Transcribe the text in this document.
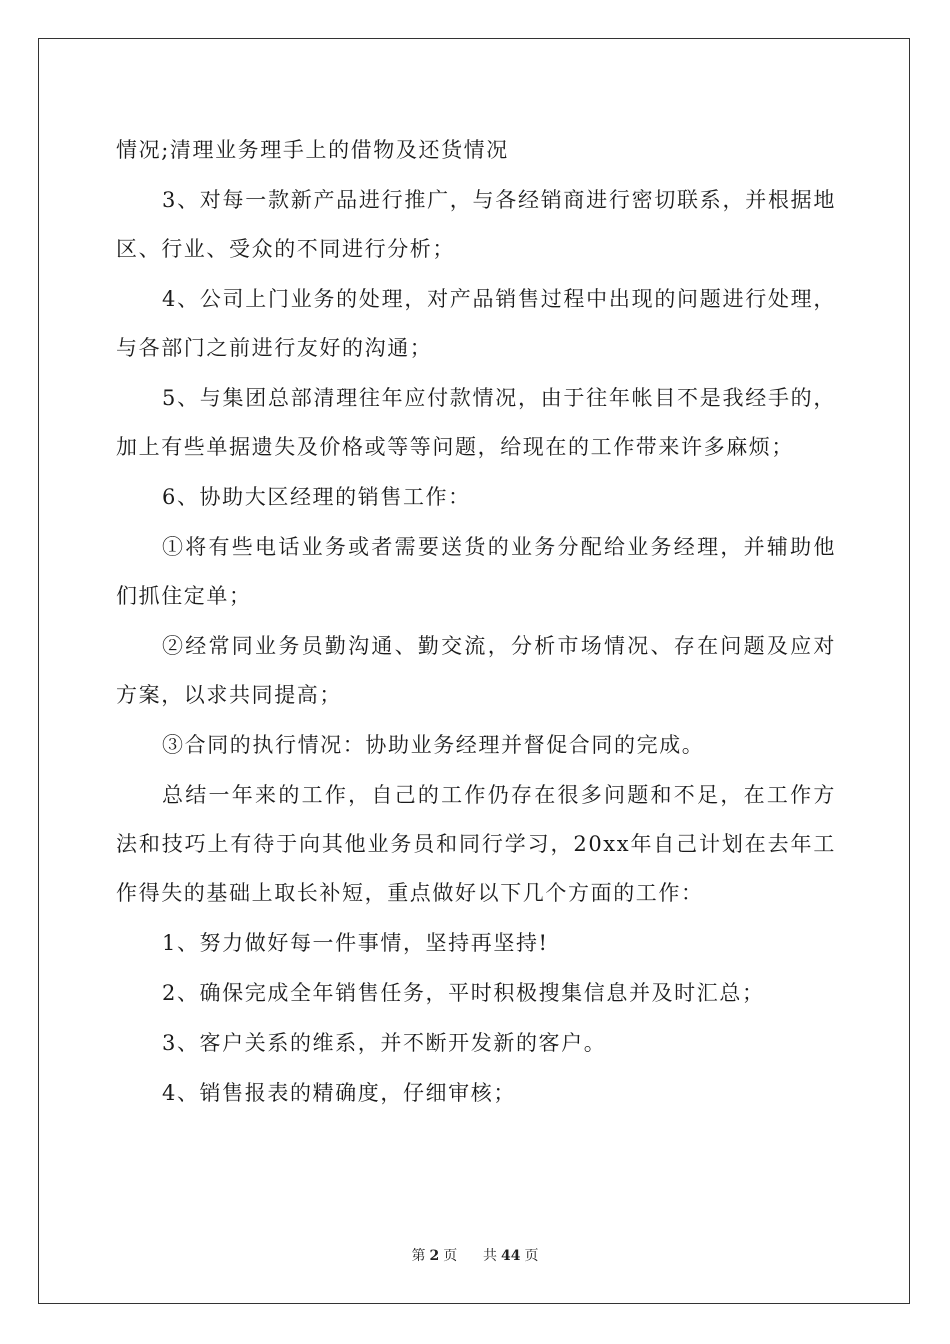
情况;清理业务理手上的借物及还货情况

3、对每一款新产品进行推广，与各经销商进行密切联系，并根据地区、行业、受众的不同进行分析；

4、公司上门业务的处理，对产品销售过程中出现的问题进行处理，与各部门之前进行友好的沟通；

5、与集团总部清理往年应付款情况，由于往年帐目不是我经手的，加上有些单据遗失及价格或等等问题，给现在的工作带来许多麻烦；

6、协助大区经理的销售工作：

①将有些电话业务或者需要送货的业务分配给业务经理，并辅助他们抓住定单；

②经常同业务员勤沟通、勤交流，分析市场情况、存在问题及应对方案，以求共同提高；

③合同的执行情况：协助业务经理并督促合同的完成。

总结一年来的工作，自己的工作仍存在很多问题和不足，在工作方法和技巧上有待于向其他业务员和同行学习，20xx年自己计划在去年工作得失的基础上取长补短，重点做好以下几个方面的工作：

1、努力做好每一件事情，坚持再坚持!

2、确保完成全年销售任务，平时积极搜集信息并及时汇总；

3、客户关系的维系，并不断开发新的客户。

4、销售报表的精确度，仔细审核；

第 2 页 共 44 页
